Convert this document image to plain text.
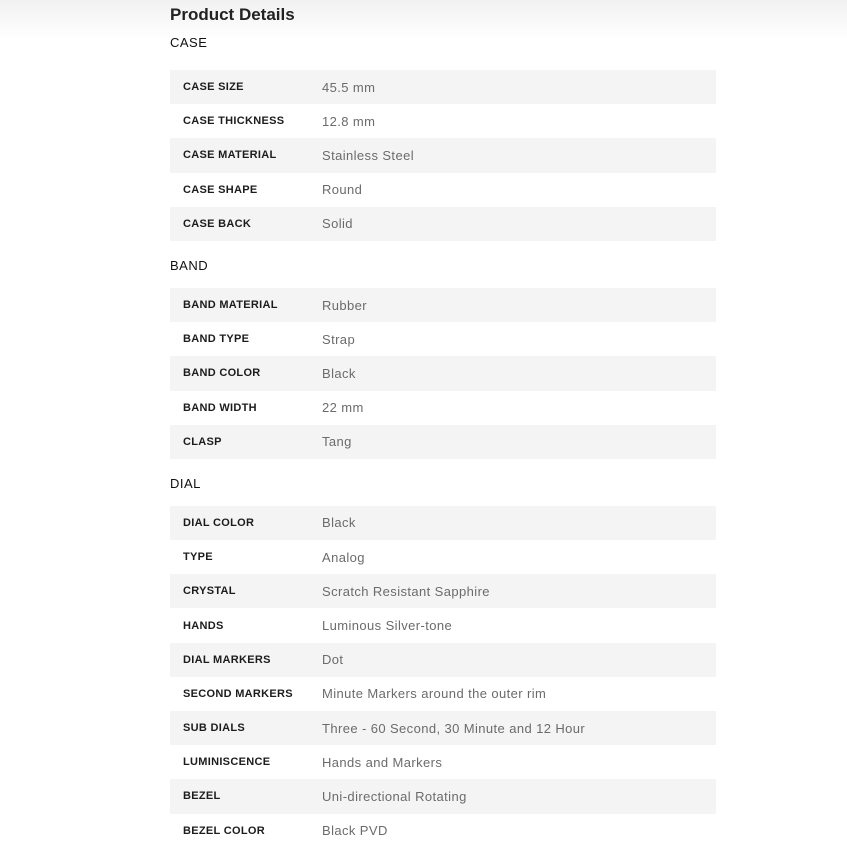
Product Details
CASE
CASE SIZE	45.5 mm
CASE THICKNESS	12.8 mm
CASE MATERIAL	Stainless Steel
CASE SHAPE	Round
CASE BACK	Solid
BAND
BAND MATERIAL	Rubber
BAND TYPE	Strap
BAND COLOR	Black
BAND WIDTH	22 mm
CLASP	Tang
DIAL
DIAL COLOR	Black
TYPE	Analog
CRYSTAL	Scratch Resistant Sapphire
HANDS	Luminous Silver-tone
DIAL MARKERS	Dot
SECOND MARKERS	Minute Markers around the outer rim
SUB DIALS	Three - 60 Second, 30 Minute and 12 Hour
LUMINISCENCE	Hands and Markers
BEZEL	Uni-directional Rotating
BEZEL COLOR	Black PVD
